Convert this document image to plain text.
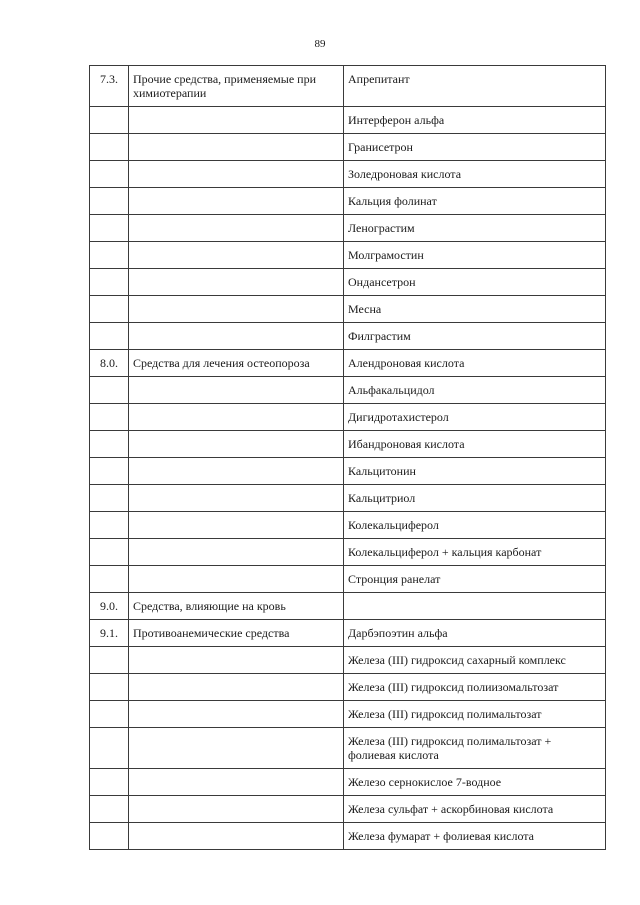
89
7.3.	Прочие средства, применяемые при химиотерапии	Апрепитант
		Интерферон альфа
		Гранисетрон
		Золедроновая кислота
		Кальция фолинат
		Ленограстим
		Молграмостин
		Ондансетрон
		Месна
		Филграстим
8.0.	Средства для лечения остеопороза	Алендроновая кислота
		Альфакальцидол
		Дигидротахистерол
		Ибандроновая кислота
		Кальцитонин
		Кальцитриол
		Колекальциферол
		Колекальциферол + кальция карбонат
		Стронция ранелат
9.0.	Средства, влияющие на кровь	
9.1.	Противоанемические средства	Дарбэпоэтин альфа
		Железа (III) гидроксид сахарный комплекс
		Железа (III) гидроксид полиизомальтозат
		Железа (III) гидроксид полимальтозат
		Железа (III) гидроксид полимальтозат + фолиевая кислота
		Железо сернокислое 7-водное
		Железа сульфат + аскорбиновая кислота
		Железа фумарат + фолиевая кислота
